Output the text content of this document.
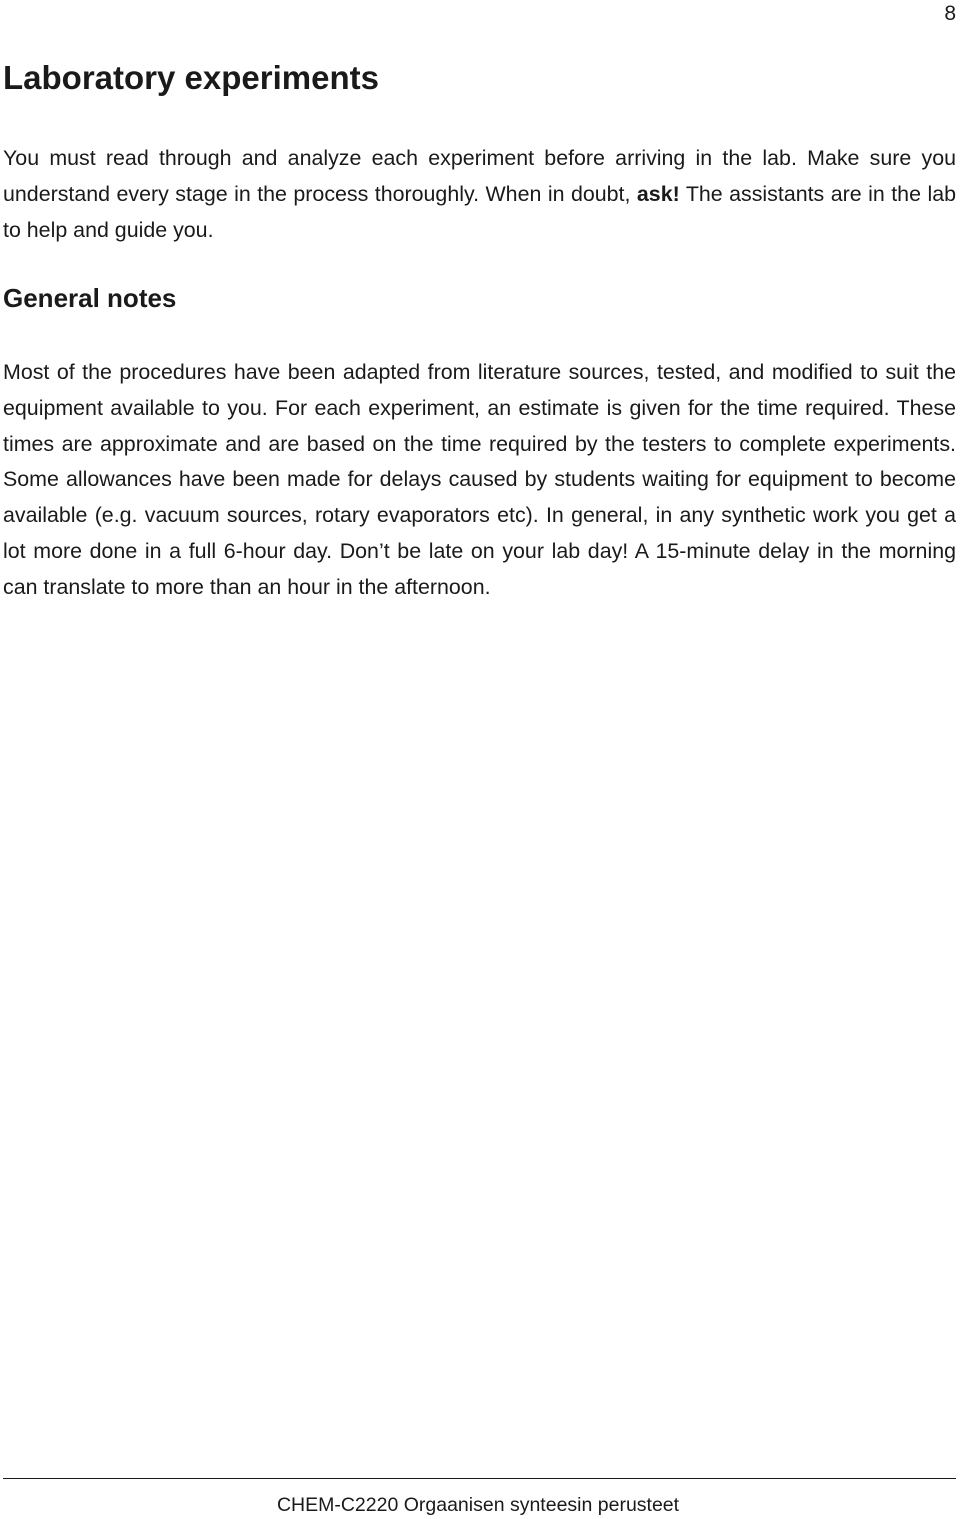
8
Laboratory experiments

You must read through and analyze each experiment before arriving in the lab. Make sure you understand every stage in the process thoroughly. When in doubt, ask! The assistants are in the lab to help and guide you.

General notes

Most of the procedures have been adapted from literature sources, tested, and modified to suit the equipment available to you. For each experiment, an estimate is given for the time required. These times are approximate and are based on the time required by the testers to complete experiments. Some allowances have been made for delays caused by students waiting for equipment to become available (e.g. vacuum sources, rotary evaporators etc). In general, in any synthetic work you get a lot more done in a full 6-hour day. Don’t be late on your lab day! A 15-minute delay in the morning can translate to more than an hour in the afternoon.

CHEM-C2220 Orgaanisen synteesin perusteet
